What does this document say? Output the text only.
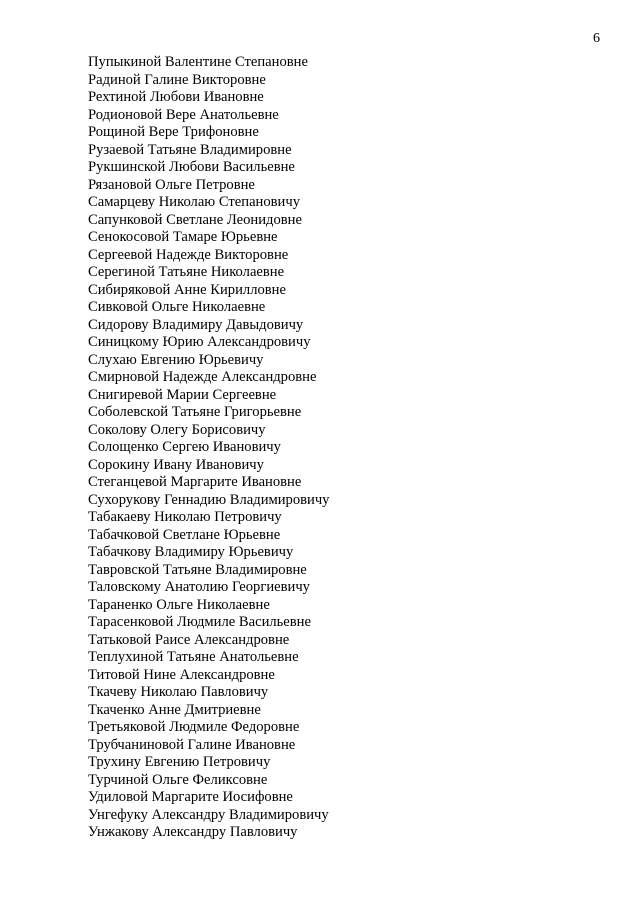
6
Пупыкиной Валентине Степановне
Радиной Галине Викторовне
Рехтиной Любови Ивановне
Родионовой Вере Анатольевне
Рощиной Вере Трифоновне
Рузаевой Татьяне Владимировне
Рукшинской Любови Васильевне
Рязановой Ольге Петровне
Самарцеву Николаю Степановичу
Сапунковой Светлане Леонидовне
Сенокосовой Тамаре Юрьевне
Сергеевой Надежде Викторовне
Серегиной Татьяне Николаевне
Сибиряковой Анне Кирилловне
Сивковой Ольге Николаевне
Сидорову Владимиру Давыдовичу
Синицкому Юрию Александровичу
Слухаю Евгению Юрьевичу
Смирновой Надежде Александровне
Снигиревой Марии Сергеевне
Соболевской Татьяне Григорьевне
Соколову Олегу Борисовичу
Солощенко Сергею Ивановичу
Сорокину Ивану Ивановичу
Стеганцевой Маргарите Ивановне
Сухорукову Геннадию Владимировичу
Табакаеву Николаю Петровичу
Табачковой Светлане Юрьевне
Табачкову Владимиру Юрьевичу
Тавровской Татьяне Владимировне
Таловскому Анатолию Георгиевичу
Тараненко Ольге Николаевне
Тарасенковой Людмиле Васильевне
Татьковой Раисе Александровне
Теплухиной Татьяне Анатольевне
Титовой Нине Александровне
Ткачеву Николаю Павловичу
Ткаченко Анне Дмитриевне
Третьяковой Людмиле Федоровне
Трубчаниновой Галине Ивановне
Трухину Евгению Петровичу
Турчиной Ольге Феликсовне
Удиловой Маргарите Иосифовне
Унгефуку Александру Владимировичу
Унжакову Александру Павловичу
